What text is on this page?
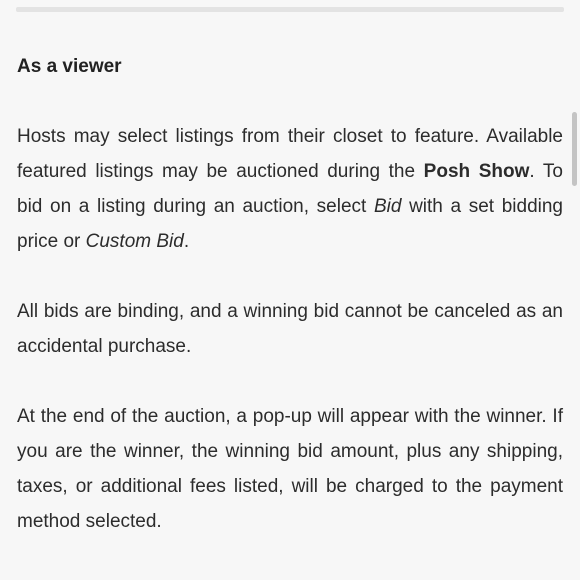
As a viewer

Hosts may select listings from their closet to feature. Available featured listings may be auctioned during the Posh Show. To bid on a listing during an auction, select Bid with a set bidding price or Custom Bid.

All bids are binding, and a winning bid cannot be canceled as an accidental purchase.

At the end of the auction, a pop-up will appear with the winner. If you are the winner, the winning bid amount, plus any shipping, taxes, or additional fees listed, will be charged to the payment method selected.
